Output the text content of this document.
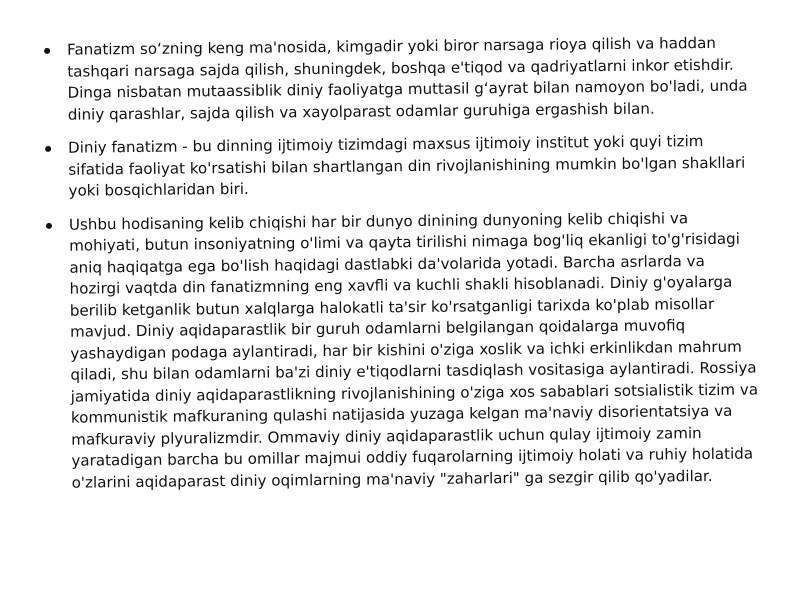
Fanatizm so‘zning keng ma'nosida, kimgadir yoki biror narsaga rioya qilish va haddan tashqari narsaga sajda qilish, shuningdek, boshqa e'tiqod va qadriyatlarni inkor etishdir. Dinga nisbatan mutaassiblik diniy faoliyatga muttasil g‘ayrat bilan namoyon bo'ladi, unda diniy qarashlar, sajda qilish va xayolparast odamlar guruhiga ergashish bilan.
Diniy fanatizm - bu dinning ijtimoiy tizimdagi maxsus ijtimoiy institut yoki quyi tizim sifatida faoliyat ko'rsatishi bilan shartlangan din rivojlanishining mumkin bo'lgan shakllari yoki bosqichlaridan biri.
Ushbu hodisaning kelib chiqishi har bir dunyo dinining dunyoning kelib chiqishi va mohiyati, butun insoniyatning o'limi va qayta tirilishi nimaga bog'liq ekanligi to'g'risidagi aniq haqiqatga ega bo'lish haqidagi dastlabki da'volarida yotadi. Barcha asrlarda va hozirgi vaqtda din fanatizmning eng xavfli va kuchli shakli hisoblanadi. Diniy g'oyalarga berilib ketganlik butun xalqlarga halokatli ta'sir ko'rsatganligi tarixda ko'plab misollar mavjud. Diniy aqidaparastlik bir guruh odamlarni belgilangan qoidalarga muvofiq yashaydigan podaga aylantiradi, har bir kishini o'ziga xoslik va ichki erkinlikdan mahrum qiladi, shu bilan odamlarni ba'zi diniy e'tiqodlarni tasdiqlash vositasiga aylantiradi. Rossiya jamiyatida diniy aqidaparastlikning rivojlanishining o'ziga xos sabablari sotsialistik tizim va kommunistik mafkuraning qulashi natijasida yuzaga kelgan ma'naviy disorientatsiya va mafkuraviy plyuralizmdir. Ommaviy diniy aqidaparastlik uchun qulay ijtimoiy zamin yaratadigan barcha bu omillar majmui oddiy fuqarolarning ijtimoiy holati va ruhiy holatida o'zlarini aqidaparast diniy oqimlarning ma'naviy "zaharlari" ga sezgir qilib qo'yadilar.
